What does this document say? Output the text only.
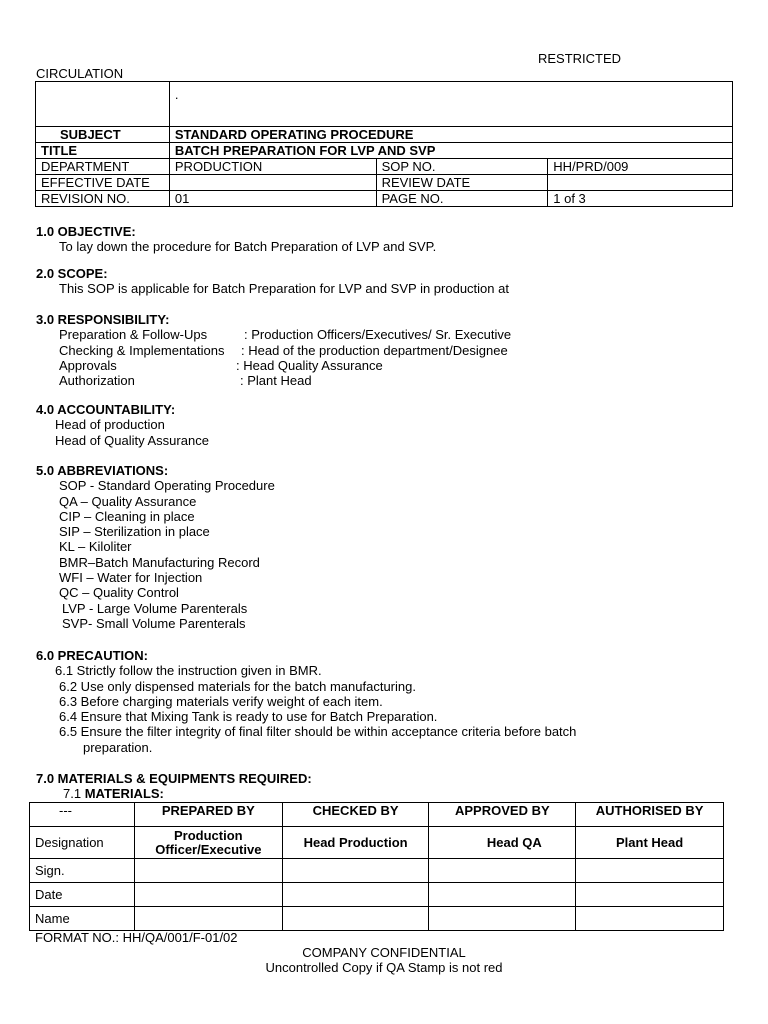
RESTRICTED
CIRCULATION
	.		
SUBJECT	STANDARD OPERATING PROCEDURE		
TITLE	BATCH PREPARATION FOR LVP AND SVP		
DEPARTMENT	PRODUCTION	SOP NO.	HH/PRD/009
EFFECTIVE DATE		REVIEW DATE	
REVISION NO.	01	PAGE NO.	1 of 3
1.0 OBJECTIVE:
To lay down the procedure for Batch Preparation of LVP and SVP.
2.0 SCOPE:
This SOP is applicable for Batch Preparation for LVP and SVP in production at
3.0 RESPONSIBILITY:
Preparation & Follow-Ups	: Production Officers/Executives/ Sr. Executive
Checking & Implementations : Head of the production department/Designee
Approvals	: Head Quality Assurance
Authorization	: Plant Head
4.0 ACCOUNTABILITY:
Head of production
Head of Quality Assurance
5.0 ABBREVIATIONS:
SOP - Standard Operating Procedure
QA – Quality Assurance
CIP – Cleaning in place
SIP – Sterilization in place
KL – Kiloliter
BMR–Batch Manufacturing Record
WFI – Water for Injection
QC – Quality Control
LVP - Large Volume Parenterals
SVP- Small Volume Parenterals
6.0 PRECAUTION:
6.1 Strictly follow the instruction given in BMR.
6.2 Use only dispensed materials for the batch manufacturing.
6.3 Before charging materials verify weight of each item.
6.4 Ensure that Mixing Tank is ready to use for Batch Preparation.
6.5 Ensure the filter integrity of final filter should be within acceptance criteria before batch
preparation.
7.0 MATERIALS & EQUIPMENTS REQUIRED:
7.1 MATERIALS:
---	PREPARED BY	CHECKED BY	APPROVED BY	AUTHORISED BY
Designation	Production
Officer/Executive	Head Production	Head QA	Plant Head
Sign.				
Date				
Name				
FORMAT NO.: HH/QA/001/F-01/02
COMPANY CONFIDENTIAL
Uncontrolled Copy if QA Stamp is not red
